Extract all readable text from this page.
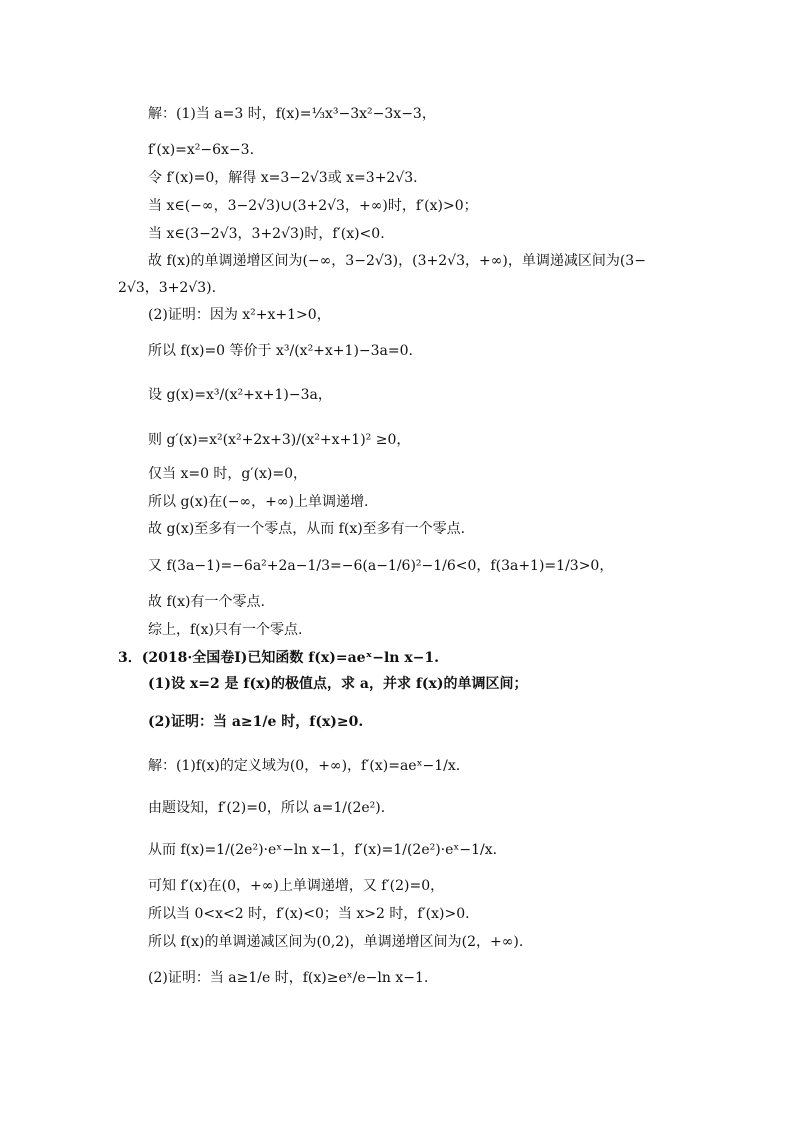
解：(1)当 a=3 时，f(x)=⅓x³−3x²−3x−3，
f′(x)=x²−6x−3.
令 f′(x)=0，解得 x=3−2√3或 x=3+2√3.
当 x∈(−∞，3−2√3)∪(3+2√3，+∞)时，f′(x)>0；
当 x∈(3−2√3，3+2√3)时，f′(x)<0.
故 f(x)的单调递增区间为(−∞，3−2√3)，(3+2√3，+∞)，单调递减区间为(3−
2√3，3+2√3).
(2)证明：因为 x²+x+1>0，
所以 f(x)=0 等价于 x³/(x²+x+1)−3a=0.
设 g(x)=x³/(x²+x+1)−3a，
则 g′(x)=x²(x²+2x+3)/(x²+x+1)² ≥0，
仅当 x=0 时，g′(x)=0，
所以 g(x)在(−∞，+∞)上单调递增.
故 g(x)至多有一个零点，从而 f(x)至多有一个零点.
又 f(3a−1)=−6a²+2a−1/3=−6(a−1/6)²−1/6<0，f(3a+1)=1/3>0，
故 f(x)有一个零点.
综上，f(x)只有一个零点.
3．(2018·全国卷Ⅰ)已知函数 f(x)=aeˣ−ln x−1.
(1)设 x=2 是 f(x)的极值点，求 a，并求 f(x)的单调区间；
(2)证明：当 a≥1/e 时，f(x)≥0.
解：(1)f(x)的定义域为(0，+∞)，f′(x)=aeˣ−1/x.
由题设知，f′(2)=0，所以 a=1/(2e²).
从而 f(x)=1/(2e²)·eˣ−ln x−1，f′(x)=1/(2e²)·eˣ−1/x.
可知 f′(x)在(0，+∞)上单调递增，又 f′(2)=0，
所以当 0<x<2 时，f′(x)<0；当 x>2 时，f′(x)>0.
所以 f(x)的单调递减区间为(0,2)，单调递增区间为(2，+∞).
(2)证明：当 a≥1/e 时，f(x)≥eˣ/e−ln x−1.
